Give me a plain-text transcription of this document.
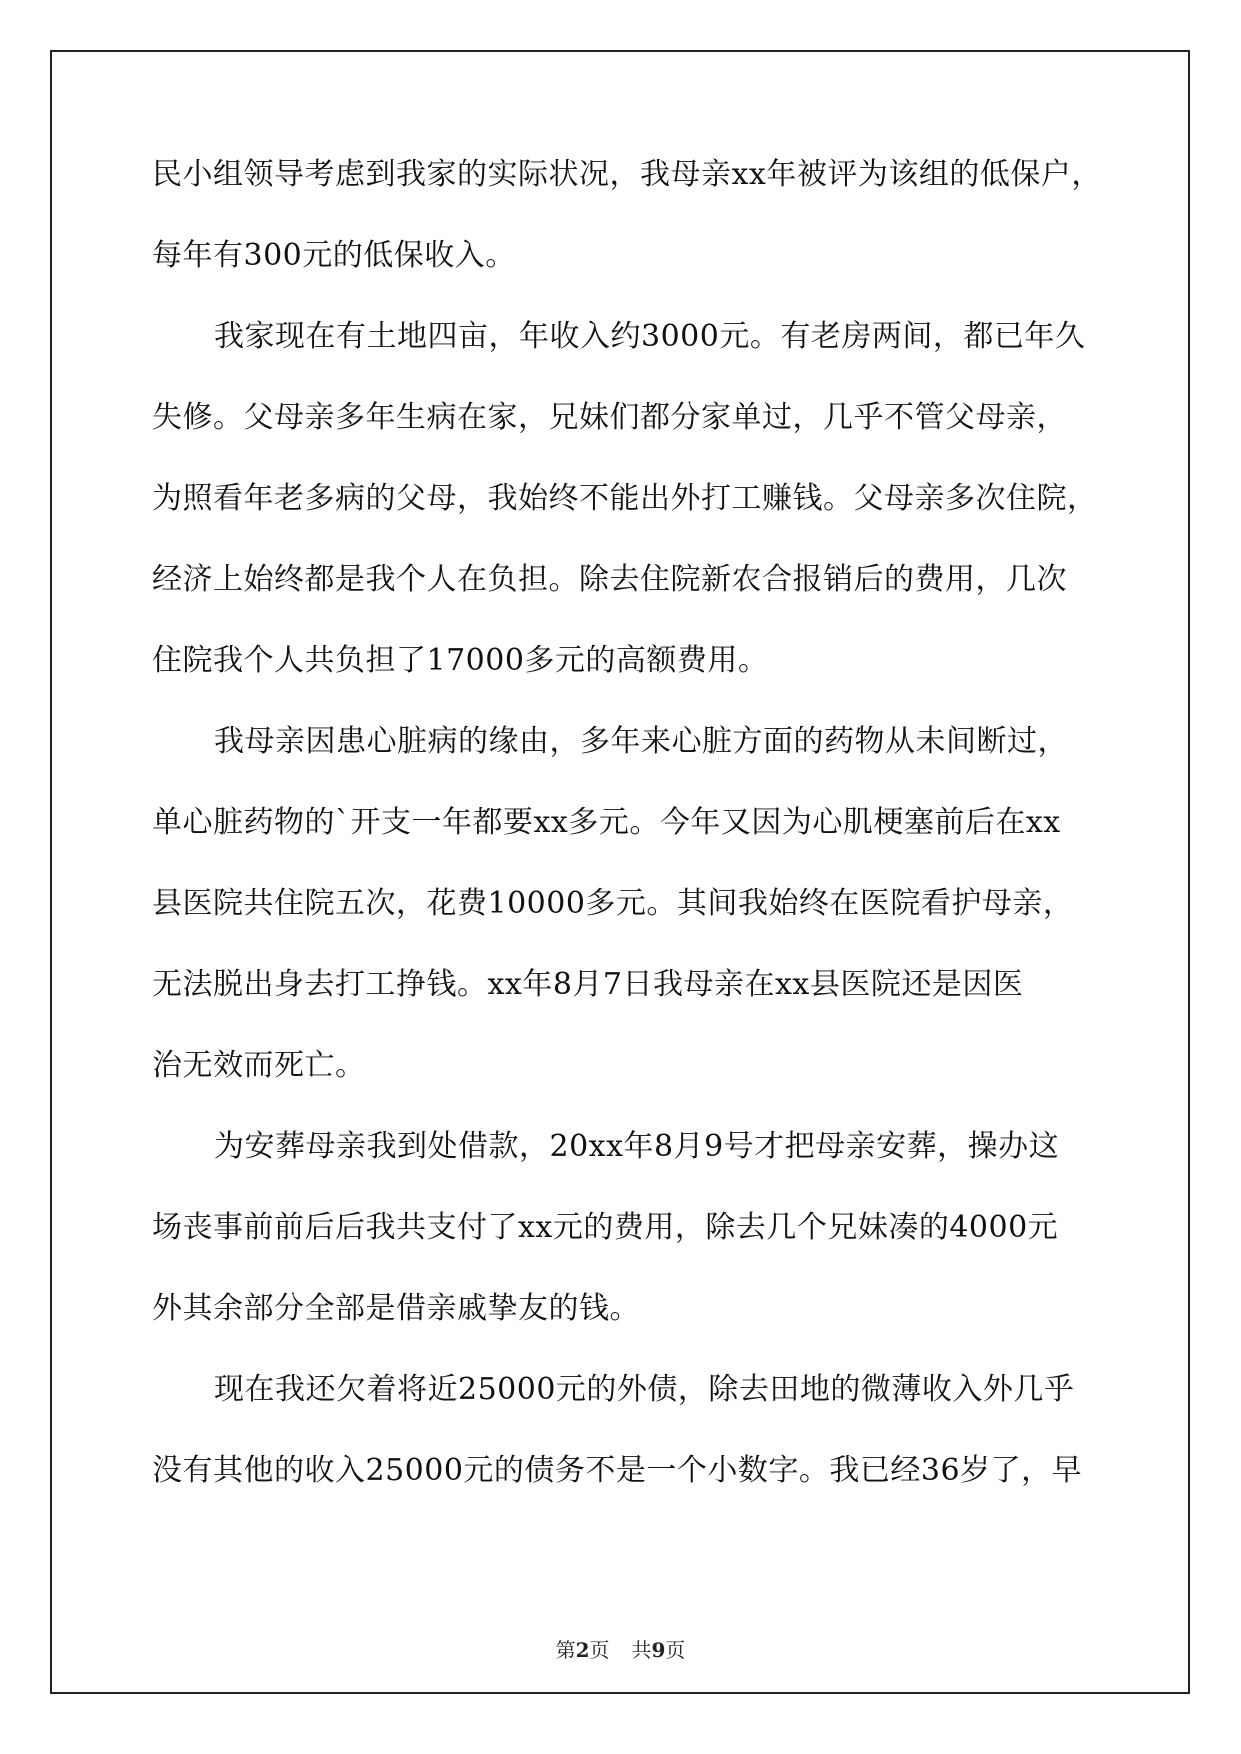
民小组领导考虑到我家的实际状况，我母亲xx年被评为该组的低保户，
每年有300元的低保收入。
我家现在有土地四亩，年收入约3000元。有老房两间，都已年久
失修。父母亲多年生病在家，兄妹们都分家单过，几乎不管父母亲，
为照看年老多病的父母，我始终不能出外打工赚钱。父母亲多次住院，
经济上始终都是我个人在负担。除去住院新农合报销后的费用，几次
住院我个人共负担了17000多元的高额费用。
我母亲因患心脏病的缘由，多年来心脏方面的药物从未间断过，
单心脏药物的`开支一年都要xx多元。今年又因为心肌梗塞前后在xx
县医院共住院五次，花费10000多元。其间我始终在医院看护母亲，
无法脱出身去打工挣钱。xx年8月7日我母亲在xx县医院还是因医
治无效而死亡。
为安葬母亲我到处借款，20xx年8月9号才把母亲安葬，操办这
场丧事前前后后我共支付了xx元的费用，除去几个兄妹凑的4000元
外其余部分全部是借亲戚挚友的钱。
现在我还欠着将近25000元的外债，除去田地的微薄收入外几乎
没有其他的收入25000元的债务不是一个小数字。我已经36岁了，早
第2页 共9页
